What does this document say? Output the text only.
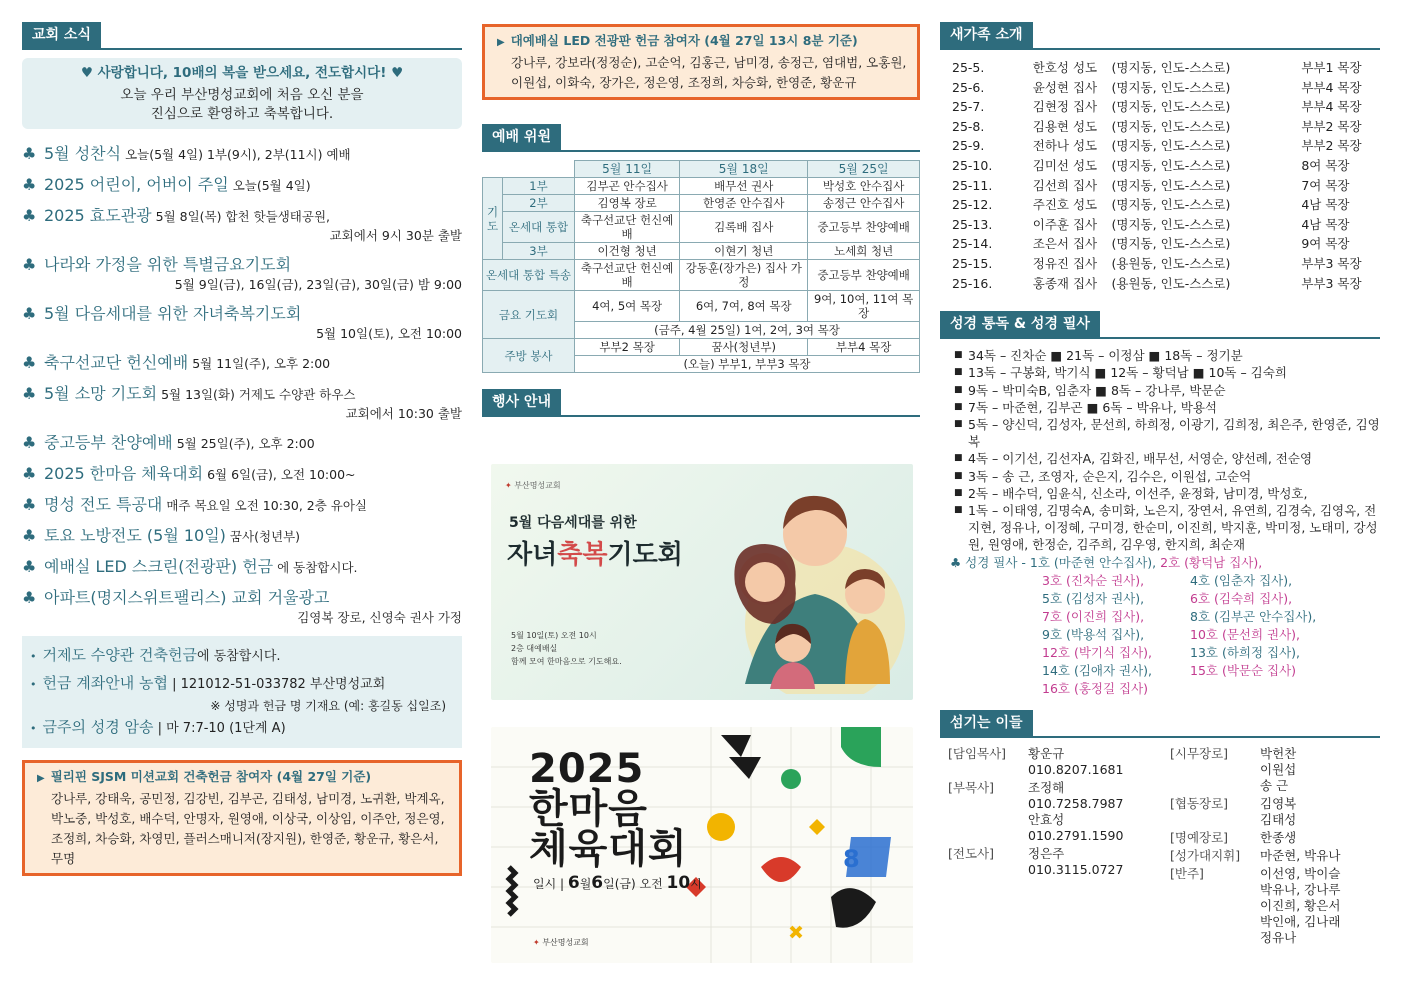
교회 소식
♥ 사랑합니다, 10배의 복을 받으세요, 전도합시다! ♥
오늘 우리 부산명성교회에 처음 오신 분을
진심으로 환영하고 축복합니다.
♣ 5월 성찬식 오늘(5월 4일) 1부(9시), 2부(11시) 예배
♣ 2025 어린이, 어버이 주일 오늘(5월 4일)
♣ 2025 효도관광 5월 8일(목) 합천 핫들생태공원,
교회에서 9시 30분 출발
♣ 나라와 가정을 위한 특별금요기도회
5월 9일(금), 16일(금), 23일(금), 30일(금) 밤 9:00
♣ 5월 다음세대를 위한 자녀축복기도회
5월 10일(토), 오전 10:00
♣ 축구선교단 헌신예배 5월 11일(주), 오후 2:00
♣ 5월 소망 기도회 5월 13일(화) 거제도 수양관 하우스
교회에서 10:30 출발
♣ 중고등부 찬양예배 5월 25일(주), 오후 2:00
♣ 2025 한마음 체육대회 6월 6일(금), 오전 10:00~
♣ 명성 전도 특공대 매주 목요일 오전 10:30, 2층 유아실
♣ 토요 노방전도 (5월 10일) 꿈사(청년부)
♣ 예배실 LED 스크린(전광판) 헌금 에 동참합시다.
♣ 아파트(명지스위트팰리스) 교회 거울광고
김영복 장로, 신영숙 권사 가정
• 거제도 수양관 건축헌금에 동참합시다.
• 헌금 계좌안내 농협 | 121012-51-033782 부산명성교회
※ 성명과 헌금 명 기재요 (예: 홍길동 십일조)
• 금주의 성경 암송 | 마 7:7-10 (1단계 A)
▶ 필리핀 SJSM 미션교회 건축헌금 참여자 (4월 27일 기준)
강나루, 강태욱, 공민정, 김강빈, 김부곤, 김태성, 남미경, 노귀환, 박계옥, 박노중, 박성호, 배수덕, 안명자, 원영애, 이상국, 이상임, 이주안, 정은영, 조정희, 차승화, 차영민, 플러스매니저(장지원), 한영준, 황운규, 황은서, 무명
▶ 대예배실 LED 전광판 헌금 참여자 (4월 27일 13시 8분 기준)
강나루, 강보라(정정순), 고순억, 김홍근, 남미경, 송정근, 염대범, 오홍원, 이원섭, 이화숙, 장가은, 정은영, 조정희, 차승화, 한영준, 황운규
예배 위원
		5월 11일	5월 18일	5월 25일
기도	1부	김부곤 안수집사	배무선 권사	박성호 안수집사
	2부	김영복 장로	한영준 안수집사	송정근 안수집사
	온세대 통합	축구선교단 헌신예배	김록배 집사	중고등부 찬양예배
	3부	이건형 청년	이현기 청년	노세희 청년
온세대 통합 특송		축구선교단 헌신예배	강동훈(장가은) 집사 가정	중고등부 찬양예배
금요 기도회		4여, 5여 목장	6여, 7여, 8여 목장	9여, 10여, 11여 목장
		(금주, 4월 25일) 1여, 2여, 3여 목장		
주방 봉사		부부2 목장	꿈사(청년부)	부부4 목장
		(오늘) 부부1, 부부3 목장		
행사 안내
✦ 부산명성교회
5월 다음세대를 위한
자녀축복기도회
5월 10일(토) 오전 10시
2층 대예배실
함께 모여 한마음으로 기도해요.
8
2025
한마음
체육대회
일시 | 6월6일(금) 오전 10시
✦ 부산명성교회
새가족 소개
25-5.	한호성 성도	(명지동, 인도-스스로)	부부1 목장
25-6.	윤성현 집사	(명지동, 인도-스스로)	부부4 목장
25-7.	김현정 집사	(명지동, 인도-스스로)	부부4 목장
25-8.	김용현 성도	(명지동, 인도-스스로)	부부2 목장
25-9.	전하나 성도	(명지동, 인도-스스로)	부부2 목장
25-10.	김미선 성도	(명지동, 인도-스스로)	8여 목장
25-11.	김선희 집사	(명지동, 인도-스스로)	7여 목장
25-12.	주진호 성도	(명지동, 인도-스스로)	4남 목장
25-13.	이주훈 집사	(명지동, 인도-스스로)	4남 목장
25-14.	조은서 집사	(명지동, 인도-스스로)	9여 목장
25-15.	정유진 집사	(용원동, 인도-스스로)	부부3 목장
25-16.	홍종재 집사	(용원동, 인도-스스로)	부부3 목장
성경 통독 & 성경 필사
■ 34독 – 진차순 ■ 21독 – 이정삼 ■ 18독 – 정기분
■ 13독 – 구봉화, 박기식 ■ 12독 – 황덕남 ■ 10독 – 김숙희
■ 9독 – 박미숙B, 임춘자 ■ 8독 – 강나루, 박문순
■ 7독 – 마준현, 김부곤 ■ 6독 – 박유나, 박용석
■ 5독 – 양신덕, 김성자, 문선희, 하희정, 이광기, 김희정, 최은주, 한영준, 김영복
■ 4독 – 이기선, 김선자A, 김화진, 배무선, 서영순, 양선례, 전순영
■ 3독 – 송 근, 조영자, 순은지, 김수은, 이원섭, 고순억
■ 2독 – 배수덕, 임윤식, 신소라, 이선주, 윤정화, 남미경, 박성호,
■ 1독 – 이태영, 김명숙A, 송미화, 노은지, 장연서, 유연희, 김경숙, 김영옥, 전지현, 정유나, 이정혜, 구미경, 한순미, 이진희, 박지훈, 박미정, 노태미, 강성원, 원영애, 한정순, 김주희, 김우영, 한지희, 최순재
♣ 성경 필사 - 1호 (마준현 안수집사), 2호 (황덕남 집사),
3호 (진차순 권사),	4호 (임춘자 집사),
5호 (김성자 권사),	6호 (김숙희 집사),
7호 (이진희 집사),	8호 (김부곤 안수집사),
9호 (박용석 집사),	10호 (문선희 권사),
12호 (박기식 집사),	13호 (하희정 집사),
14호 (김애자 권사),	15호 (박문순 집사)
16호 (홍정길 집사)
섬기는 이들
[담임목사]	황운규
010.8207.1681
[부목사]	조정해
010.7258.7987
안효성
010.2791.1590
[전도사]	정은주
010.3115.0727
[시무장로]	박헌찬
이원섭
송 근
[협동장로]	김영복
김태성
[명예장로]	한종생
[성가대지휘]	마준현, 박유나
[반주]	이선영, 박이슬
박유나, 강나루
이진희, 황은서
박인애, 김나래
정유나
